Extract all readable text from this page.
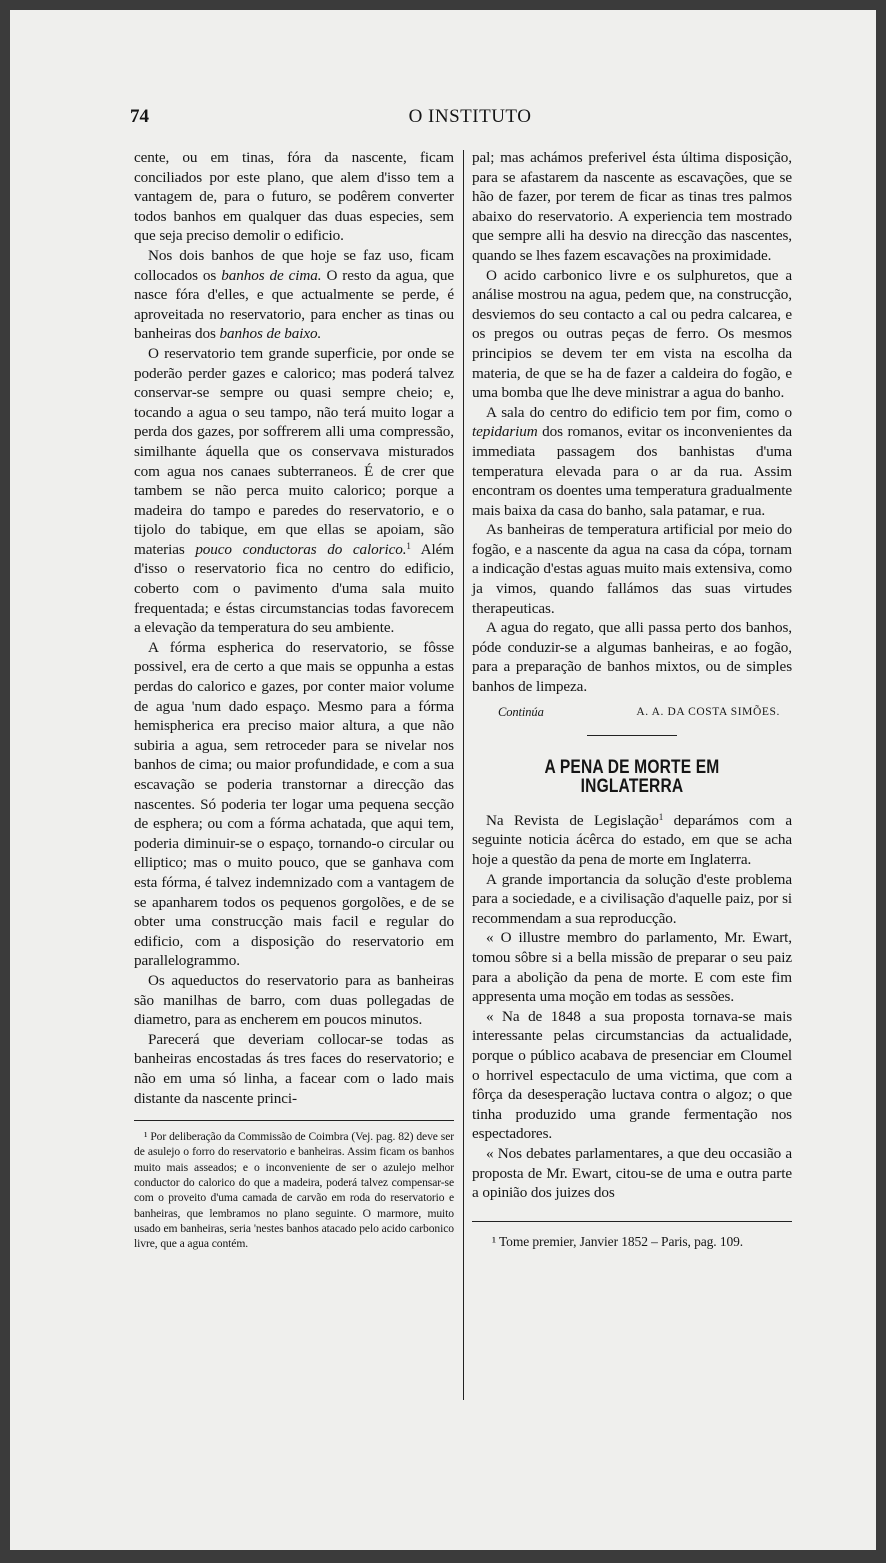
74	O INSTITUTO

cente, ou em tinas, fóra da nascente, ficam conciliados por este plano, que alem d'isso tem a vantagem de, para o futuro, se podêrem converter todos banhos em qualquer das duas especies, sem que seja preciso demolir o edificio.

Nos dois banhos de que hoje se faz uso, ficam collocados os banhos de cima. O resto da agua, que nasce fóra d'elles, e que actualmente se perde, é aproveitada no reservatorio, para encher as tinas ou banheiras dos banhos de baixo.

O reservatorio tem grande superficie, por onde se poderão perder gazes e calorico; mas poderá talvez conservar-se sempre ou quasi sempre cheio; e, tocando a agua o seu tampo, não terá muito logar a perda dos gazes, por soffrerem alli uma compressão, similhante áquella que os conservava misturados com agua nos canaes subterraneos. É de crer que tambem se não perca muito calorico; porque a madeira do tampo e paredes do reservatorio, e o tijolo do tabique, em que ellas se apoiam, são materias pouco conductoras do calorico.$^1$ Além d'isso o reservatorio fica no centro do edificio, coberto com o pavimento d'uma sala muito frequentada; e éstas circumstancias todas favorecem a elevação da temperatura do seu ambiente.

A fórma espherica do reservatorio, se fôsse possivel, era de certo a que mais se oppunha a estas perdas do calorico e gazes, por conter maior volume de agua 'num dado espaço. Mesmo para a fórma hemispherica era preciso maior altura, a que não subiria a agua, sem retroceder para se nivelar nos banhos de cima; ou maior profundidade, e com a sua escavação se poderia transtornar a direcção das nascentes. Só poderia ter logar uma pequena secção de esphera; ou com a fórma achatada, que aqui tem, poderia diminuir-se o espaço, tornando-o circular ou elliptico; mas o muito pouco, que se ganhava com esta fórma, é talvez indemnizado com a vantagem de se apanharem todos os pequenos gorgolões, e de se obter uma construcção mais facil e regular do edificio, com a disposição do reservatorio em parallelogrammo.

Os aqueductos do reservatorio para as banheiras são manilhas de barro, com duas pollegadas de diametro, para as encherem em poucos minutos.

Parecerá que deveriam collocar-se todas as banheiras encostadas ás tres faces do reservatorio; e não em uma só linha, a facear com o lado mais distante da nascente princi-

¹ Por deliberação da Commissão de Coimbra (Vej. pag. 82) deve ser de asulejo o forro do reservatorio e banheiras. Assim ficam os banhos muito mais asseados; e o inconveniente de ser o azulejo melhor conductor do calorico do que a madeira, poderá talvez compensar-se com o proveito d'uma camada de carvão em roda do reservatorio e banheiras, que lembramos no plano seguinte. O marmore, muito usado em banheiras, seria 'nestes banhos atacado pelo acido carbonico livre, que a agua contém.

pal; mas achámos preferivel ésta última disposição, para se afastarem da nascente as escavações, que se hão de fazer, por terem de ficar as tinas tres palmos abaixo do reservatorio. A experiencia tem mostrado que sempre alli ha desvio na direcção das nascentes, quando se lhes fazem escavações na proximidade.

O acido carbonico livre e os sulphuretos, que a análise mostrou na agua, pedem que, na construcção, desviemos do seu contacto a cal ou pedra calcarea, e os pregos ou outras peças de ferro. Os mesmos principios se devem ter em vista na escolha da materia, de que se ha de fazer a caldeira do fogão, e uma bomba que lhe deve ministrar a agua do banho.

A sala do centro do edificio tem por fim, como o tepidarium dos romanos, evitar os inconvenientes da immediata passagem dos banhistas d'uma temperatura elevada para o ar da rua. Assim encontram os doentes uma temperatura gradualmente mais baixa da casa do banho, sala patamar, e rua.

As banheiras de temperatura artificial por meio do fogão, e a nascente da agua na casa da cópa, tornam a indicação d'estas aguas muito mais extensiva, como ja vimos, quando fallámos das suas virtudes therapeuticas.

A agua do regato, que alli passa perto dos banhos, póde conduzir-se a algumas banheiras, e ao fogão, para a preparação de banhos mixtos, ou de simples banhos de limpeza.

Continúa	A. A. DA COSTA SIMÕES.
A PENA DE MORTE EM INGLATERRA

Na Revista de Legislação$^1$ deparámos com a seguinte noticia ácêrca do estado, em que se acha hoje a questão da pena de morte em Inglaterra.

A grande importancia da solução d'este problema para a sociedade, e a civilisação d'aquelle paiz, por si recommendam a sua reproducção.

« O illustre membro do parlamento, Mr. Ewart, tomou sôbre si a bella missão de preparar o seu paiz para a abolição da pena de morte. E com este fim appresenta uma moção em todas as sessões.

« Na de 1848 a sua proposta tornava-se mais interessante pelas circumstancias da actualidade, porque o público acabava de presenciar em Cloumel o horrivel espectaculo de uma victima, que com a fôrça da desesperação luctava contra o algoz; o que tinha produzido uma grande fermentação nos espectadores.

« Nos debates parlamentares, a que deu occasião a proposta de Mr. Ewart, citou-se de uma e outra parte a opinião dos juizes dos

¹ Tome premier, Janvier 1852 – Paris, pag. 109.
